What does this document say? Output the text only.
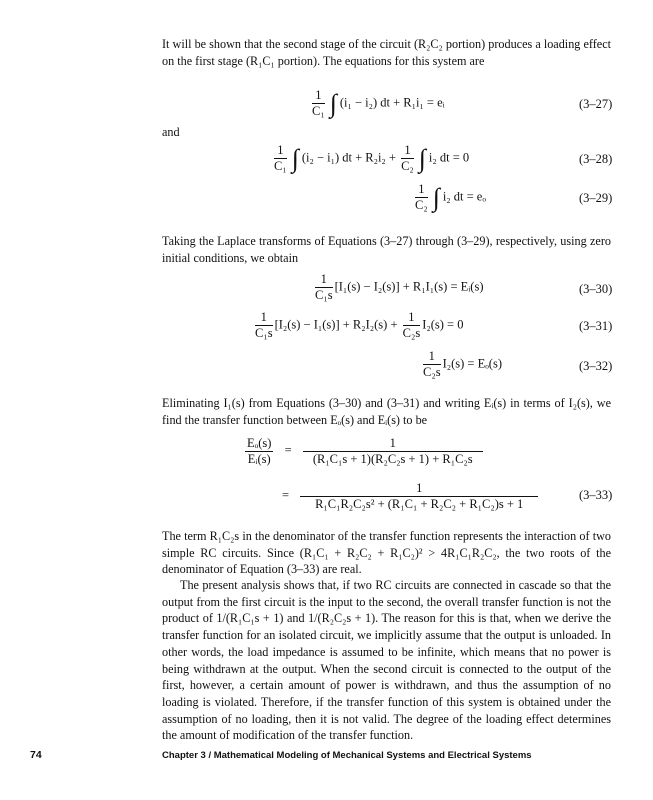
It will be shown that the second stage of the circuit (R₂C₂ portion) produces a loading effect on the first stage (R₁C₁ portion). The equations for this system are

$\frac{1}{\text{C₁}}$ ∫ (i₁ − i₂) dt + R₁i₁ = eᵢ	(3–27)
and
$\frac{1}{\text{C₁}}$ ∫ (i₂ − i₁) dt + $R_2i_2 + \frac{1}{\text{C₂}}$ ∫ i₂ dt = 0	(3–28)
$\frac{1}{\text{C₂}}$ ∫ i₂ dt = eₒ	(3–29)

Taking the Laplace transforms of Equations (3–27) through (3–29), respectively, using zero initial conditions, we obtain

$\frac{1}{\text{C₁s}} [I_1(s) - I_2(s)] + R_1I_1(s)$ = Eᵢ(s)	(3–30)
$\frac{1}{\text{C₁s}} [I_2(s) - I_1(s)] + R_2I_2(s) + \frac{1}{\text{C₂s}} I_2(s) = 0$	(3–31)
$\frac{1}{\text{C₂s}} I_2(s) = E_o(s)$	(3–32)

Eliminating I₁(s) from Equations (3–30) and (3–31) and writing Eᵢ(s) in terms of I₂(s), we find the transfer function between Eₒ(s) and Eᵢ(s) to be

$\frac{\text{Eₒ(s)}}{\text{Eᵢ(s)}} = \frac{1}{\text{(R₁C₁s + 1)(R₂C₂s + 1) + R₁C₂s}}$
= $\frac{1}{\text{R₁C₁R₂C₂s² + (R₁C₁ + R₂C₂ + R₁C₂)s + 1}}$	(3–33)

The term R₁C₂s in the denominator of the transfer function represents the interaction of two simple RC circuits. Since (R₁C₁ + R₂C₂ + R₁C₂)² > 4R₁C₁R₂C₂, the two roots of the denominator of Equation (3–33) are real.

The present analysis shows that, if two RC circuits are connected in cascade so that the output from the first circuit is the input to the second, the overall transfer function is not the product of 1/(R₁C₁s + 1) and 1/(R₂C₂s + 1). The reason for this is that, when we derive the transfer function for an isolated circuit, we implicitly assume that the output is unloaded. In other words, the load impedance is assumed to be infinite, which means that no power is being withdrawn at the output. When the second circuit is connected to the output of the first, however, a certain amount of power is withdrawn, and thus the assumption of no loading is violated. Therefore, if the transfer function of this system is obtained under the assumption of no loading, then it is not valid. The degree of the loading effect determines the amount of modification of the transfer function.

74	Chapter 3 / Mathematical Modeling of Mechanical Systems and Electrical Systems
